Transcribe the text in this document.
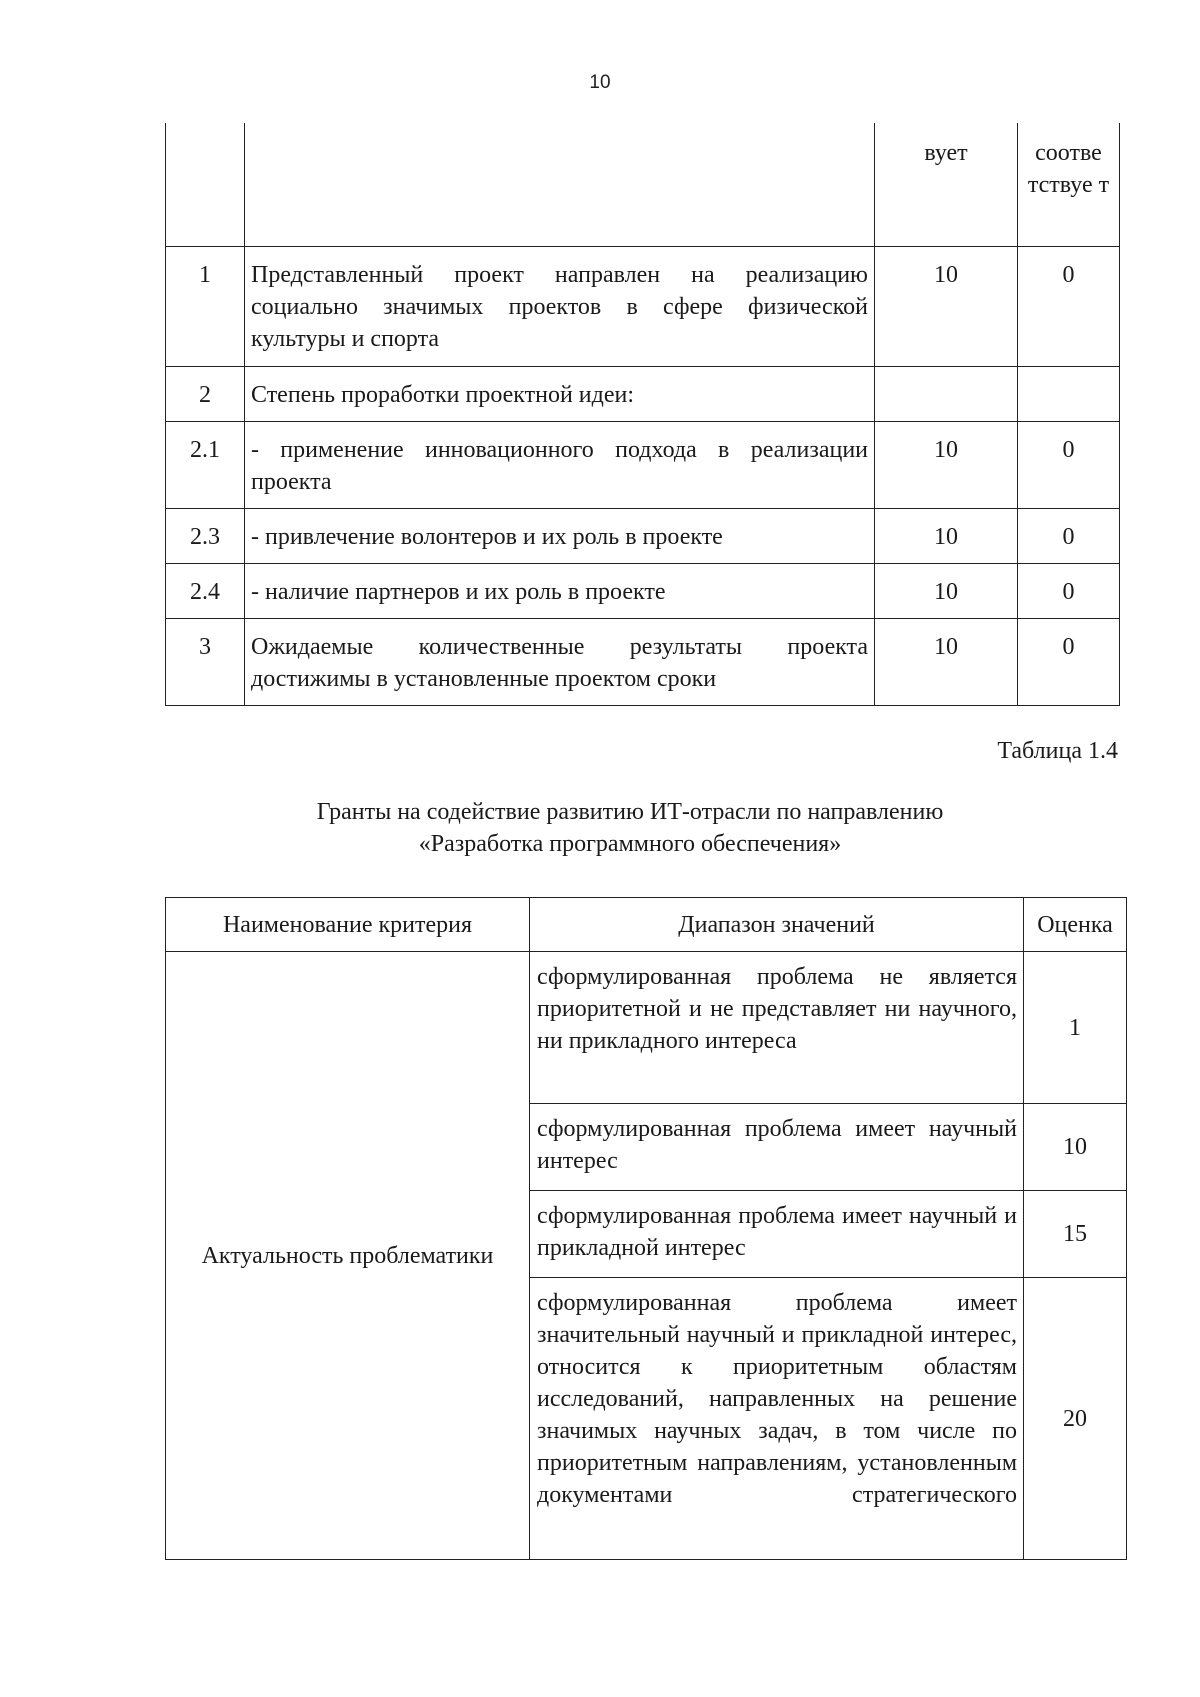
10
		вует	соотве тствуе т
1	Представленный проект направлен на реализацию социально значимых проектов в сфере физической культуры и спорта	10	0
2	Степень проработки проектной идеи:		
2.1	- применение инновационного подхода в реализации проекта	10	0
2.3	- привлечение волонтеров и их роль в проекте	10	0
2.4	- наличие партнеров и их роль в проекте	10	0
3	Ожидаемые количественные результаты проекта достижимы в установленные проектом сроки	10	0
Таблица 1.4
Гранты на содействие развитию ИТ-отрасли по направлению
«Разработка программного обеспечения»
Наименование критерия	Диапазон значений	Оценка
Актуальность проблематики	сформулированная проблема не является приоритетной и не представляет ни научного, ни прикладного интереса	1
	сформулированная проблема имеет научный интерес	10
	сформулированная проблема имеет научный и прикладной интерес	15
	сформулированная проблема имеет значительный научный и прикладной интерес, относится к приоритетным областям исследований, направленных на решение значимых научных задач, в том числе по приоритетным направлениям, установленным документами стратегического	20
